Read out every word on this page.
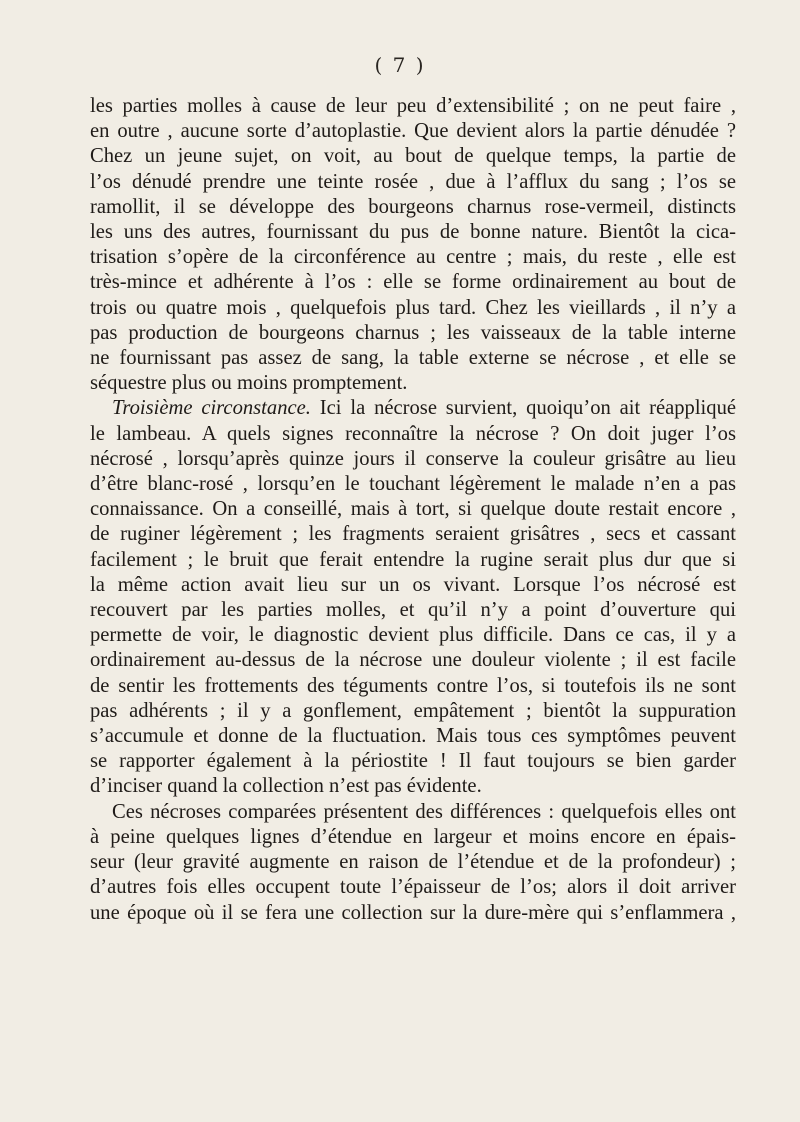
( 7 )

les parties molles à cause de leur peu d’extensibilité ; on ne peut faire ,
en outre , aucune sorte d’autoplastie. Que devient alors la partie dénudée ?
Chez un jeune sujet, on voit, au bout de quelque temps, la partie de
l’os dénudé prendre une teinte rosée , due à l’afflux du sang ; l’os se
ramollit, il se développe des bourgeons charnus rose-vermeil, distincts
les uns des autres, fournissant du pus de bonne nature. Bientôt la cica-
trisation s’opère de la circonférence au centre ; mais, du reste , elle est
très-mince et adhérente à l’os : elle se forme ordinairement au bout de
trois ou quatre mois , quelquefois plus tard. Chez les vieillards , il n’y a
pas production de bourgeons charnus ; les vaisseaux de la table interne
ne fournissant pas assez de sang, la table externe se nécrose , et elle se
séquestre plus ou moins promptement.

Troisième circonstance. Ici la nécrose survient, quoiqu’on ait réappliqué
le lambeau. A quels signes reconnaître la nécrose ? On doit juger l’os
nécrosé , lorsqu’après quinze jours il conserve la couleur grisâtre au lieu
d’être blanc-rosé , lorsqu’en le touchant légèrement le malade n’en a pas
connaissance. On a conseillé, mais à tort, si quelque doute restait encore ,
de ruginer légèrement ; les fragments seraient grisâtres , secs et cassant
facilement ; le bruit que ferait entendre la rugine serait plus dur que si
la même action avait lieu sur un os vivant. Lorsque l’os nécrosé est
recouvert par les parties molles, et qu’il n’y a point d’ouverture qui
permette de voir, le diagnostic devient plus difficile. Dans ce cas, il y a
ordinairement au-dessus de la nécrose une douleur violente ; il est facile
de sentir les frottements des téguments contre l’os, si toutefois ils ne sont
pas adhérents ; il y a gonflement, empâtement ; bientôt la suppuration
s’accumule et donne de la fluctuation. Mais tous ces symptômes peuvent
se rapporter également à la périostite ! Il faut toujours se bien garder
d’inciser quand la collection n’est pas évidente.

Ces nécroses comparées présentent des différences : quelquefois elles ont
à peine quelques lignes d’étendue en largeur et moins encore en épais-
seur (leur gravité augmente en raison de l’étendue et de la profondeur) ;
d’autres fois elles occupent toute l’épaisseur de l’os; alors il doit arriver
une époque où il se fera une collection sur la dure-mère qui s’enflammera ,
